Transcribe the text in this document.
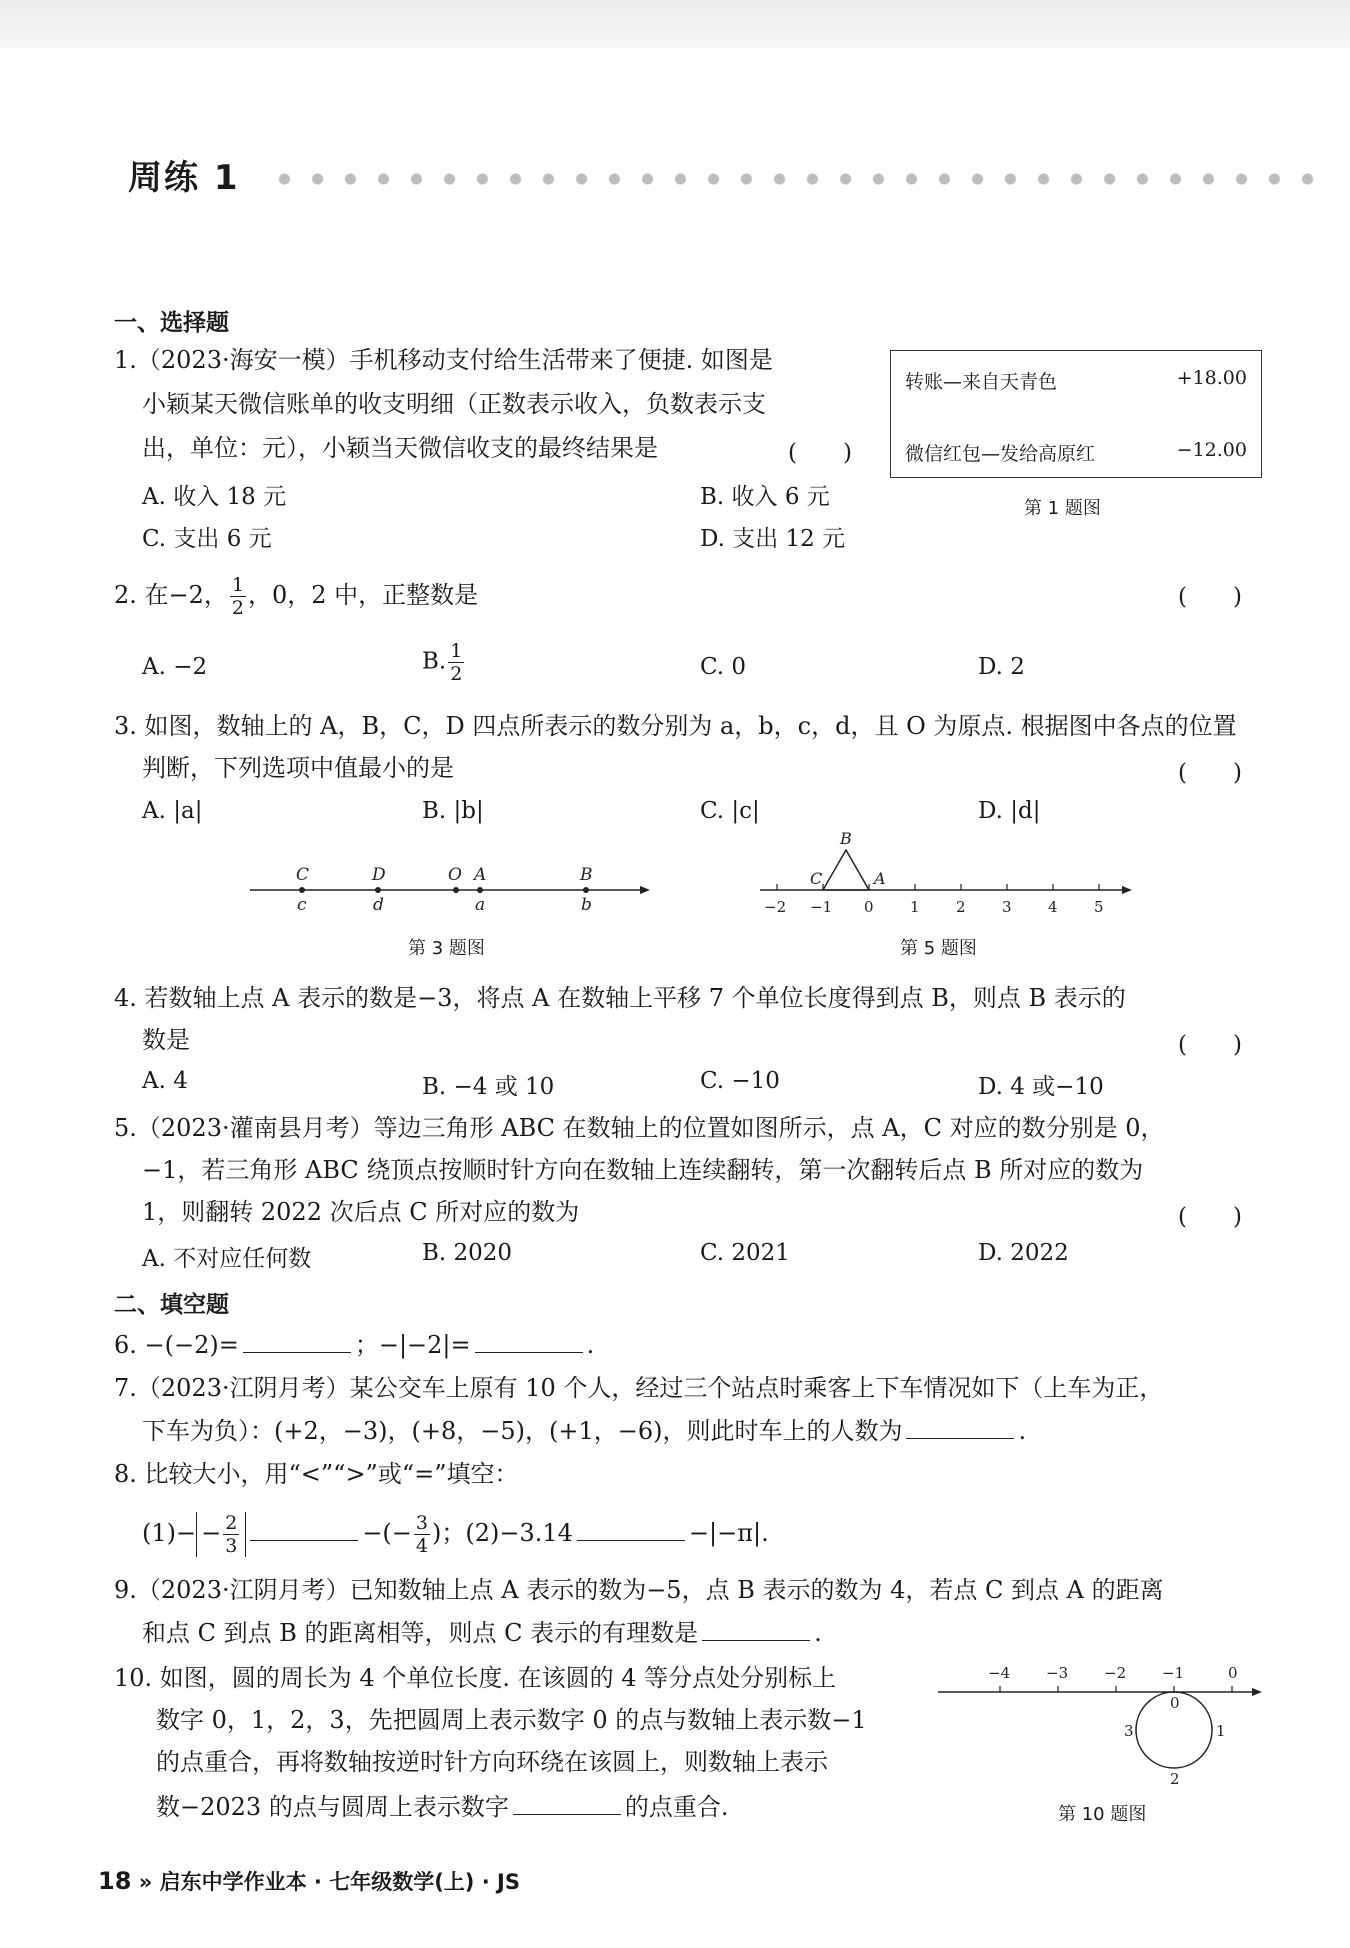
周练 1
一、选择题
1.（2023·海安一模）手机移动支付给生活带来了便捷. 如图是
小颖某天微信账单的收支明细（正数表示收入，负数表示支
出，单位：元），小颖当天微信收支的最终结果是	(　　)
A. 收入 18 元	B. 收入 6 元
C. 支出 6 元	D. 支出 12 元
转账—来自天青色	+18.00
微信红包—发给高原红	−12.00
第 1 题图
2. 在−2， $\frac{1}{2}$ ，0，2 中，正整数是	(　　)
A. −2	B. $\frac{1}{2}$	C. 0	D. 2
3. 如图，数轴上的 A，B，C，D 四点所表示的数分别为 a，b，c，d，且 O 为原点. 根据图中各点的位置
判断，下列选项中值最小的是	(　　)
A. |a|	B. |b|	C. |c|	D. |d|
C	D	O A	B
c	d	a	b
第 3 题图
−2 −1 0 1 2 3 4 5
B
C	A
第 5 题图
4. 若数轴上点 A 表示的数是−3，将点 A 在数轴上平移 7 个单位长度得到点 B，则点 B 表示的
数是	(　　)
A. 4	B. −4 或 10	C. −10	D. 4 或−10
5.（2023·灌南县月考）等边三角形 ABC 在数轴上的位置如图所示，点 A，C 对应的数分别是 0，
−1，若三角形 ABC 绕顶点按顺时针方向在数轴上连续翻转，第一次翻转后点 B 所对应的数为
1，则翻转 2022 次后点 C 所对应的数为	(　　)
A. 不对应任何数	B. 2020	C. 2021	D. 2022
二、填空题
6. −(−2)=	；−|−2|=	.
7.（2023·江阴月考）某公交车上原有 10 个人，经过三个站点时乘客上下车情况如下（上车为正，
下车为负）：(+2，−3)，(+8，−5)，(+1，−6)，则此时车上的人数为	.
8. 比较大小，用“<”“>”或“=”填空：
$(1)- - \frac{2}{3}$	−(− $\frac{3}{4}$ )；(2)−3.14	−|−π|.
9.（2023·江阴月考）已知数轴上点 A 表示的数为−5，点 B 表示的数为 4，若点 C 到点 A 的距离
和点 C 到点 B 的距离相等，则点 C 表示的有理数是	.
10. 如图，圆的周长为 4 个单位长度. 在该圆的 4 等分点处分别标上
数字 0，1，2，3，先把圆周上表示数字 0 的点与数轴上表示数−1
的点重合，再将数轴按逆时针方向环绕在该圆上，则数轴上表示
数−2023 的点与圆周上表示数字	的点重合.
−4 −3 −2 −1	0
0
1
2
3
第 10 题图
18 » 启东中学作业本 · 七年级数学(上) · JS
